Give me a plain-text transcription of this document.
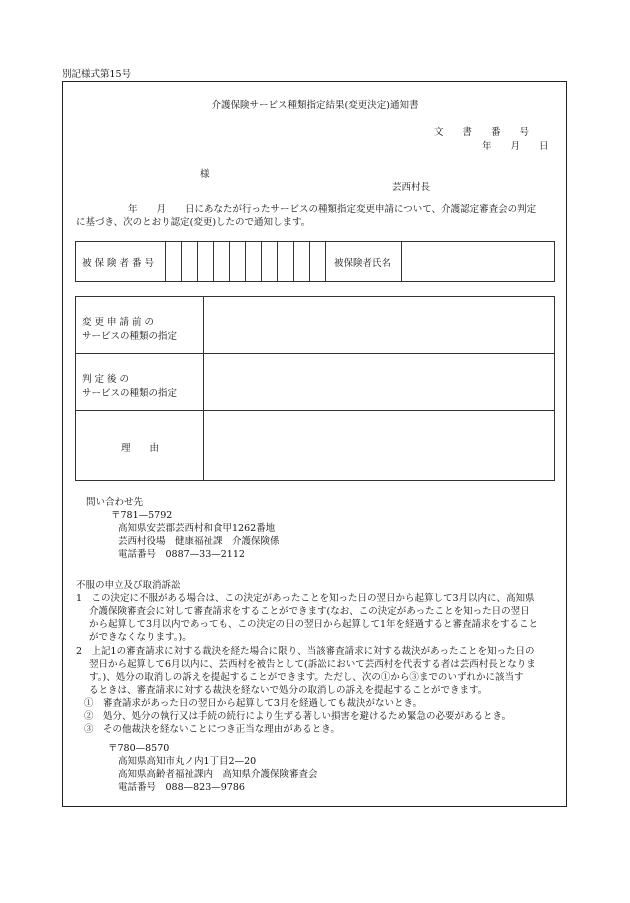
別記様式第15号
介護保険サービス種類指定結果(変更決定)通知書
文　　書　　番　　号
年　　月　　日
様
芸西村長
年　　月　　日にあなたが行ったサービスの種類指定変更申請について、介護認定審査会の判定
に基づき、次のとおり認定(変更)したので通知します。
被保険者番号	被保険者氏名
変更申請前の
サービスの種類の指定
判定後の
サービスの種類の指定
理　　由
問い合わせ先
〒781—5792
高知県安芸郡芸西村和食甲1262番地
芸西村役場　健康福祉課　介護保険係
電話番号　0887—33—2112
不服の申立及び取消訴訟
1　この決定に不服がある場合は、この決定があったことを知った日の翌日から起算して3月以内に、高知県
介護保険審査会に対して審査請求をすることができます(なお、この決定があったことを知った日の翌日
から起算して3月以内であっても、この決定の日の翌日から起算して1年を経過すると審査請求をすること
ができなくなります。)。
2　上記1の審査請求に対する裁決を経た場合に限り、当該審査請求に対する裁決があったことを知った日の
翌日から起算して6月以内に、芸西村を被告として(訴訟において芸西村を代表する者は芸西村長となりま
す。)、処分の取消しの訴えを提起することができます。ただし、次の①から③までのいずれかに該当す
るときは、審査請求に対する裁決を経ないで処分の取消しの訴えを提起することができます。
①　審査請求があった日の翌日から起算して3月を経過しても裁決がないとき。
②　処分、処分の執行又は手続の続行により生ずる著しい損害を避けるため緊急の必要があるとき。
③　その他裁決を経ないことにつき正当な理由があるとき。
〒780—8570
高知県高知市丸ノ内1丁目2—20
高知県高齢者福祉課内　高知県介護保険審査会
電話番号　088—823—9786
